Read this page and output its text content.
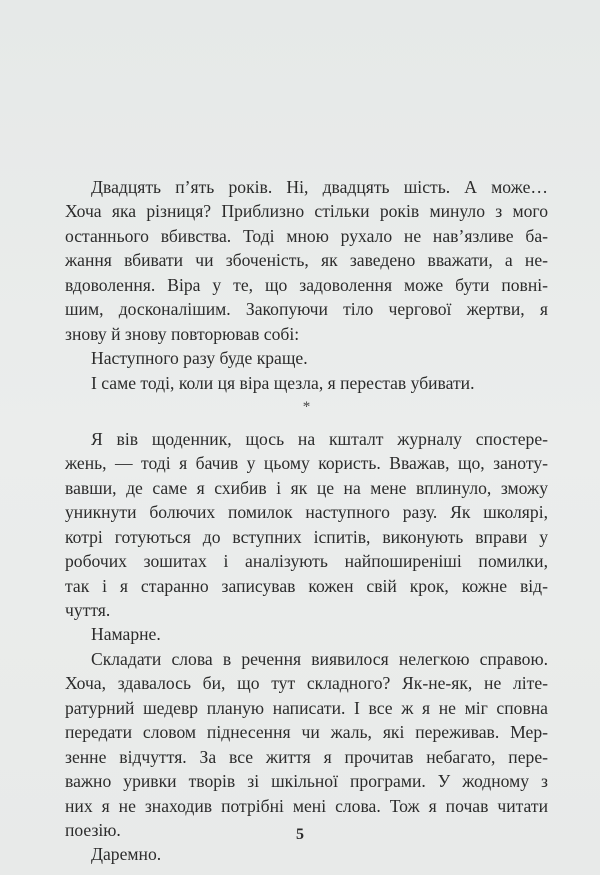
Двадцять п’ять років. Ні, двадцять шість. А може…
Хоча яка різниця? Приблизно стільки років минуло з мого
останнього вбивства. Тоді мною рухало не нав’язливе ба-
жання вбивати чи збоченість, як заведено вважати, а не-
вдоволення. Віра у те, що задоволення може бути повні-
шим, досконалішим. Закопуючи тіло чергової жертви, я
знову й знову повторював собі:
Наступного разу буде краще.
І саме тоді, коли ця віра щезла, я перестав убивати.
*
Я вів щоденник, щось на кшталт журналу спостере-
жень, — тоді я бачив у цьому користь. Вважав, що, заноту-
вавши, де саме я схибив і як це на мене вплинуло, зможу
уникнути болючих помилок наступного разу. Як школярі,
котрі готуються до вступних іспитів, виконують вправи у
робочих зошитах і аналізують найпоширеніші помилки,
так і я старанно записував кожен свій крок, кожне від-
чуття.
Намарне.
Складати слова в речення виявилося нелегкою справою.
Хоча, здавалось би, що тут складного? Як-не-як, не літе-
ратурний шедевр планую написати. І все ж я не міг сповна
передати словом піднесення чи жаль, які переживав. Мер-
зенне відчуття. За все життя я прочитав небагато, пере-
важно уривки творів зі шкільної програми. У жодному з
них я не знаходив потрібні мені слова. Тож я почав читати
поезію.
Даремно.
5
